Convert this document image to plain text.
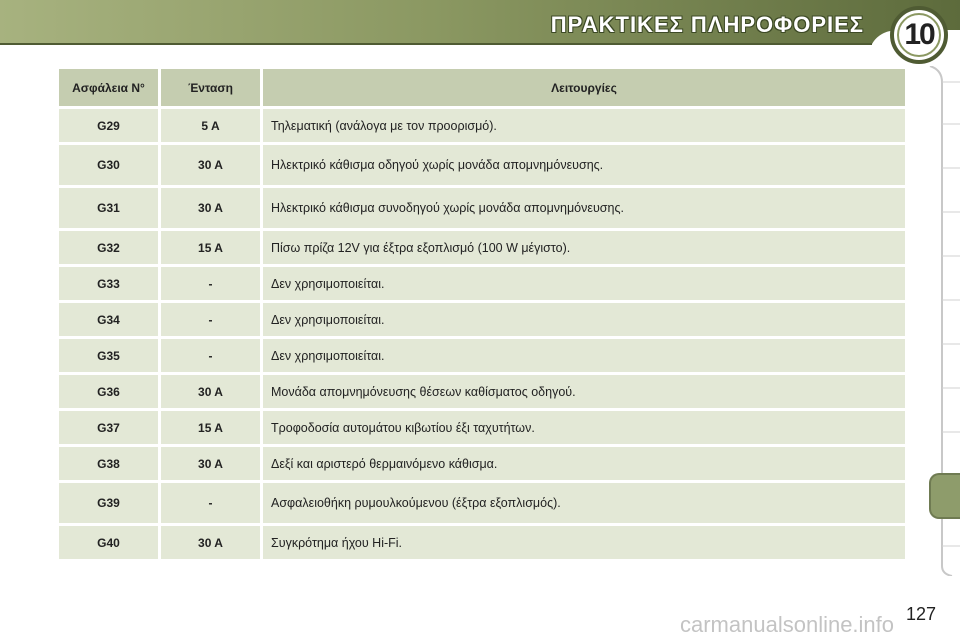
ΠΡΑΚΤΙΚΕΣ ΠΛΗΡΟΦΟΡΙΕΣ	10
Ασφάλεια N°	Ένταση	Λειτουργίες
G29	5 A	Τηλεματική (ανάλογα με τον προορισμό).
G30	30 A	Ηλεκτρικό κάθισμα οδηγού χωρίς μονάδα απομνημόνευσης.
G31	30 A	Ηλεκτρικό κάθισμα συνοδηγού χωρίς μονάδα απομνημόνευσης.
G32	15 A	Πίσω πρίζα 12V για έξτρα εξοπλισμό (100 W μέγιστο).
G33	-	Δεν χρησιμοποιείται.
G34	-	Δεν χρησιμοποιείται.
G35	-	Δεν χρησιμοποιείται.
G36	30 A	Μονάδα απομνημόνευσης θέσεων καθίσματος οδηγού.
G37	15 A	Τροφοδοσία αυτομάτου κιβωτίου έξι ταχυτήτων.
G38	30 A	Δεξί και αριστερό θερμαινόμενο κάθισμα.
G39	-	Ασφαλειοθήκη ρυμουλκούμενου (έξτρα εξοπλισμός).
G40	30 A	Συγκρότημα ήχου Hi-Fi.
127
carmanualsonline.info
